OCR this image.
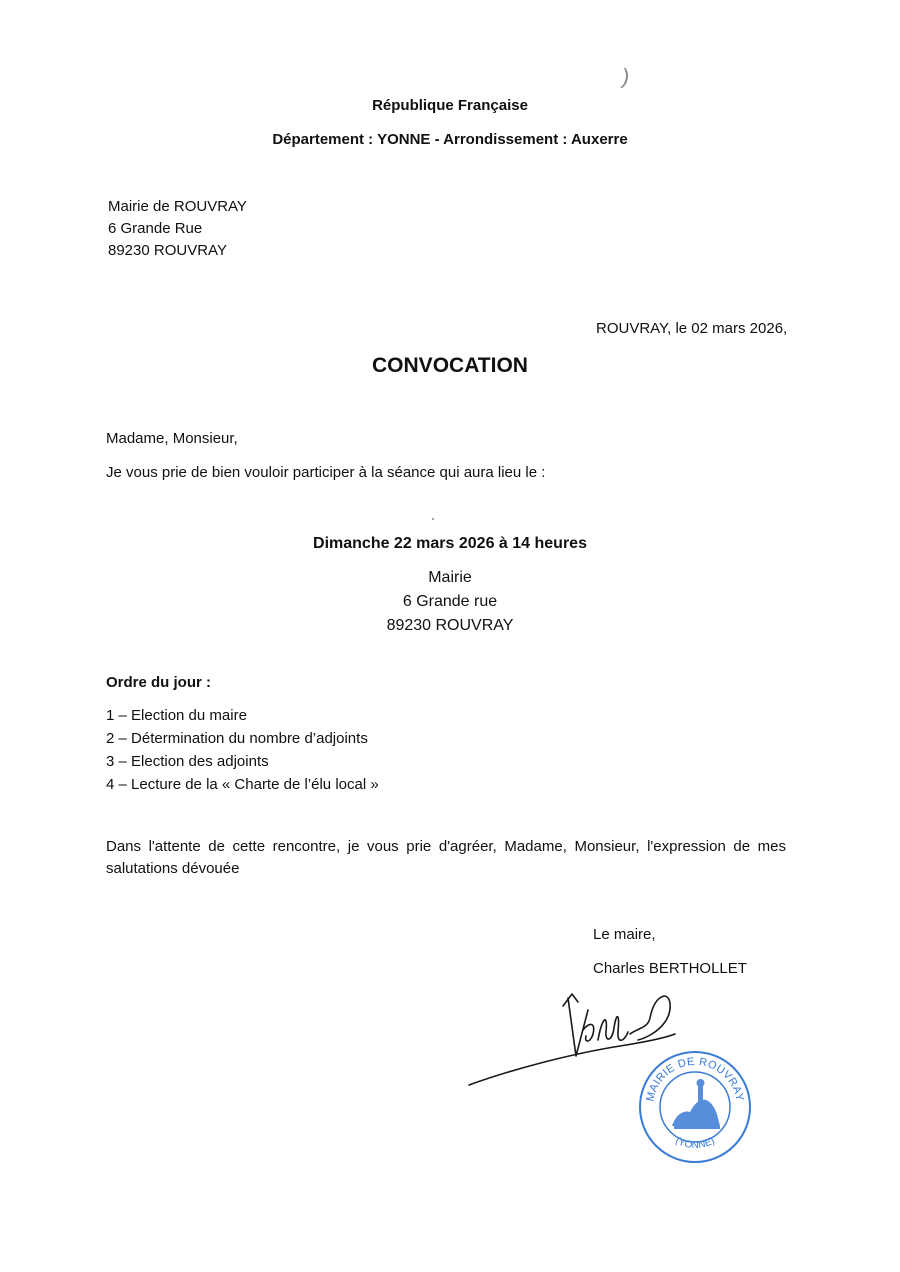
)
République Française
Département : YONNE - Arrondissement : Auxerre
Mairie de ROUVRAY
6 Grande Rue
89230 ROUVRAY
ROUVRAY, le 02 mars 2026,
CONVOCATION
Madame, Monsieur,
Je vous prie de bien vouloir participer à la séance qui aura lieu le :
Dimanche 22 mars 2026 à 14 heures
Mairie
6 Grande rue
89230 ROUVRAY
Ordre du jour :
1 – Election du maire
2 – Détermination du nombre d’adjoints
3 – Election des adjoints
4 – Lecture de la « Charte de l’élu local »
Dans l'attente de cette rencontre, je vous prie d'agréer, Madame, Monsieur, l'expression de mes salutations dévouée
Le maire,
Charles BERTHOLLET
MAIRIE DE ROUVRAY
(YONNE)
